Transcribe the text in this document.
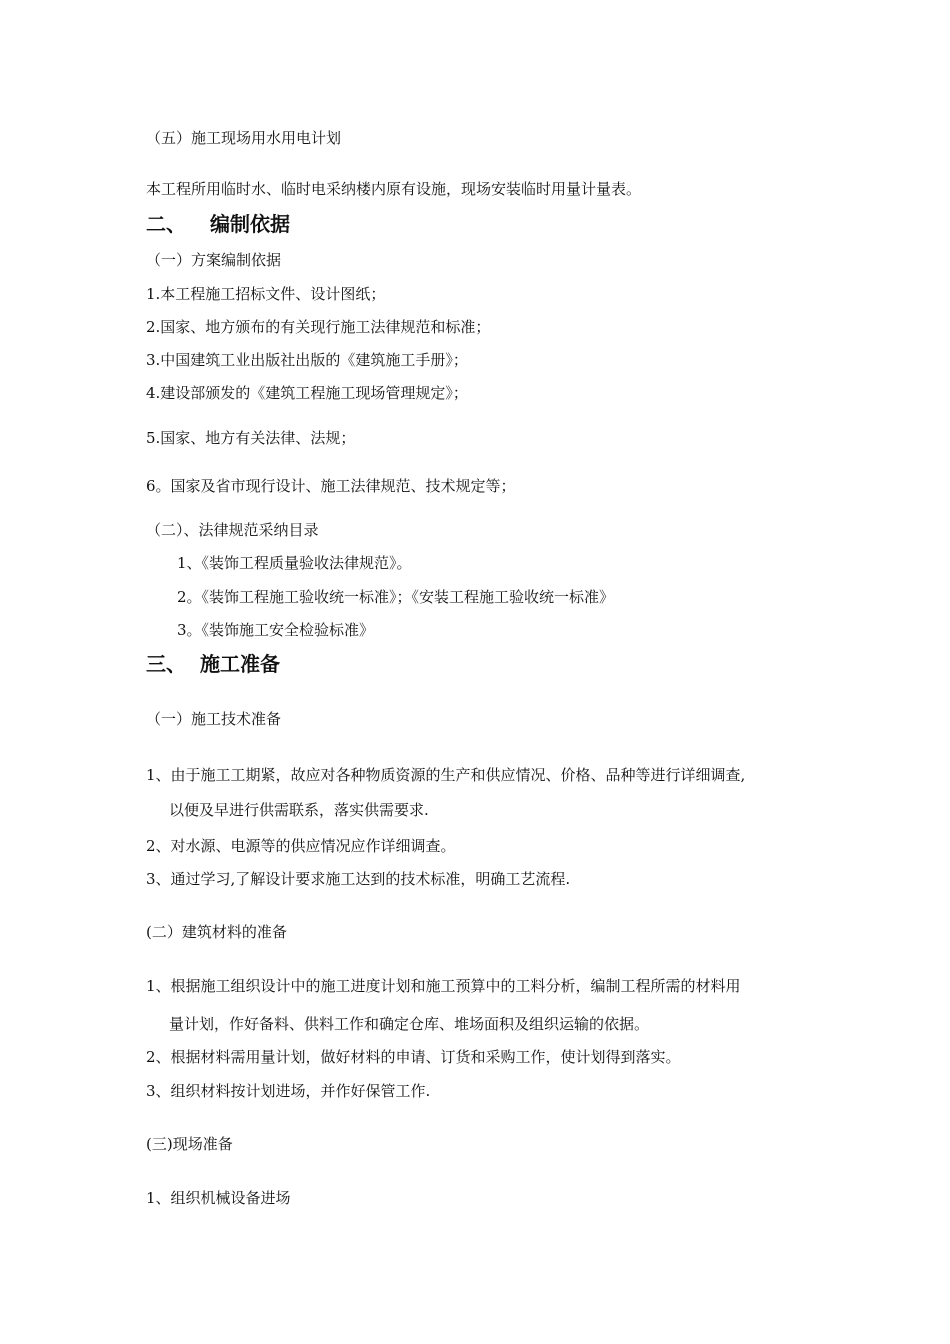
（五）施工现场用水用电计划
本工程所用临时水、临时电采纳楼内原有设施，现场安装临时用量计量表。
二、 编制依据
（一）方案编制依据
1.本工程施工招标文件、设计图纸；
2.国家、地方颁布的有关现行施工法律规范和标准；
3.中国建筑工业出版社出版的《建筑施工手册》；
4.建设部颁发的《建筑工程施工现场管理规定》；
5.国家、地方有关法律、法规；
6。国家及省市现行设计、施工法律规范、技术规定等；
（二）、法律规范采纳目录
1、《装饰工程质量验收法律规范》。
2。《装饰工程施工验收统一标准》；《安装工程施工验收统一标准》
3。《装饰施工安全检验标准》
三、 施工准备
（一）施工技术准备
1、由于施工工期紧，故应对各种物质资源的生产和供应情况、价格、品种等进行详细调查,
以便及早进行供需联系，落实供需要求.
2、对水源、电源等的供应情况应作详细调查。
3、通过学习,了解设计要求施工达到的技术标准，明确工艺流程.
(二）建筑材料的准备
1、根据施工组织设计中的施工进度计划和施工预算中的工料分析，编制工程所需的材料用
量计划，作好备料、供料工作和确定仓库、堆场面积及组织运输的依据。
2、根据材料需用量计划，做好材料的申请、订货和采购工作，使计划得到落实。
3、组织材料按计划进场，并作好保管工作.
(三)现场准备
1、组织机械设备进场
